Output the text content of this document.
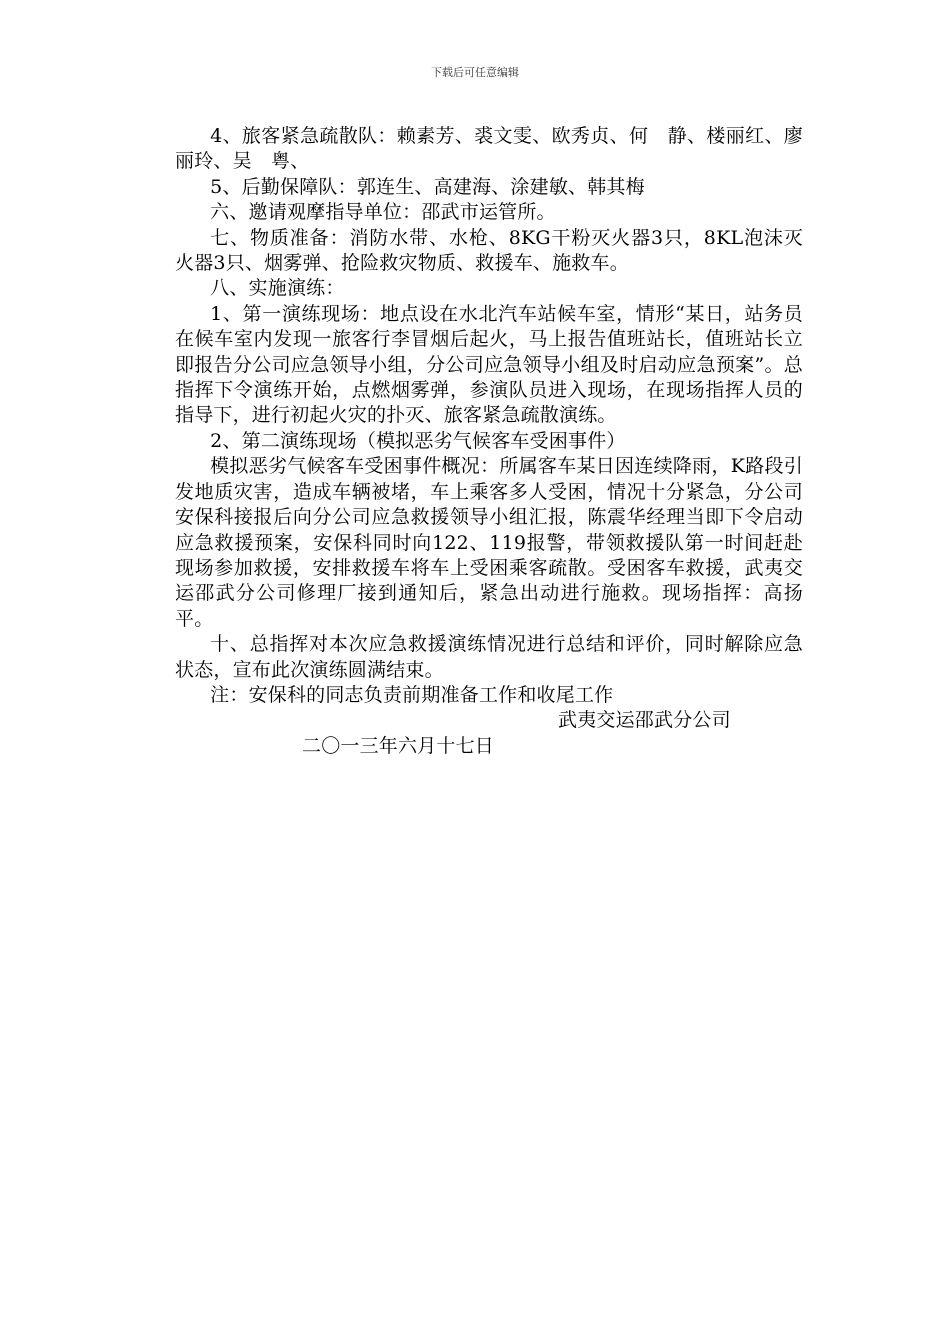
下载后可任意编辑

4、旅客紧急疏散队：赖素芳、裘文雯、欧秀贞、何　静、楼丽红、廖丽玲、吴　粤、

5、后勤保障队：郭连生、高建海、涂建敏、韩其梅

六、邀请观摩指导单位：邵武市运管所。

七、物质准备：消防水带、水枪、8KG干粉灭火器3只，8KL泡沫灭火器3只、烟雾弹、抢险救灾物质、救援车、施救车。

八、实施演练：

1、第一演练现场：地点设在水北汽车站候车室，情形“某日，站务员在候车室内发现一旅客行李冒烟后起火，马上报告值班站长，值班站长立即报告分公司应急领导小组，分公司应急领导小组及时启动应急预案”。总指挥下令演练开始，点燃烟雾弹，参演队员进入现场，在现场指挥人员的指导下，进行初起火灾的扑灭、旅客紧急疏散演练。

2、第二演练现场（模拟恶劣气候客车受困事件）

模拟恶劣气候客车受困事件概况：所属客车某日因连续降雨，K路段引发地质灾害，造成车辆被堵，车上乘客多人受困，情况十分紧急，分公司安保科接报后向分公司应急救援领导小组汇报，陈震华经理当即下令启动应急救援预案，安保科同时向122、119报警，带领救援队第一时间赶赴现场参加救援，安排救援车将车上受困乘客疏散。受困客车救援，武夷交运邵武分公司修理厂接到通知后，紧急出动进行施救。现场指挥：高扬平。

十、总指挥对本次应急救援演练情况进行总结和评价，同时解除应急状态，宣布此次演练圆满结束。

注：安保科的同志负责前期准备工作和收尾工作

武夷交运邵武分公司

二〇一三年六月十七日
